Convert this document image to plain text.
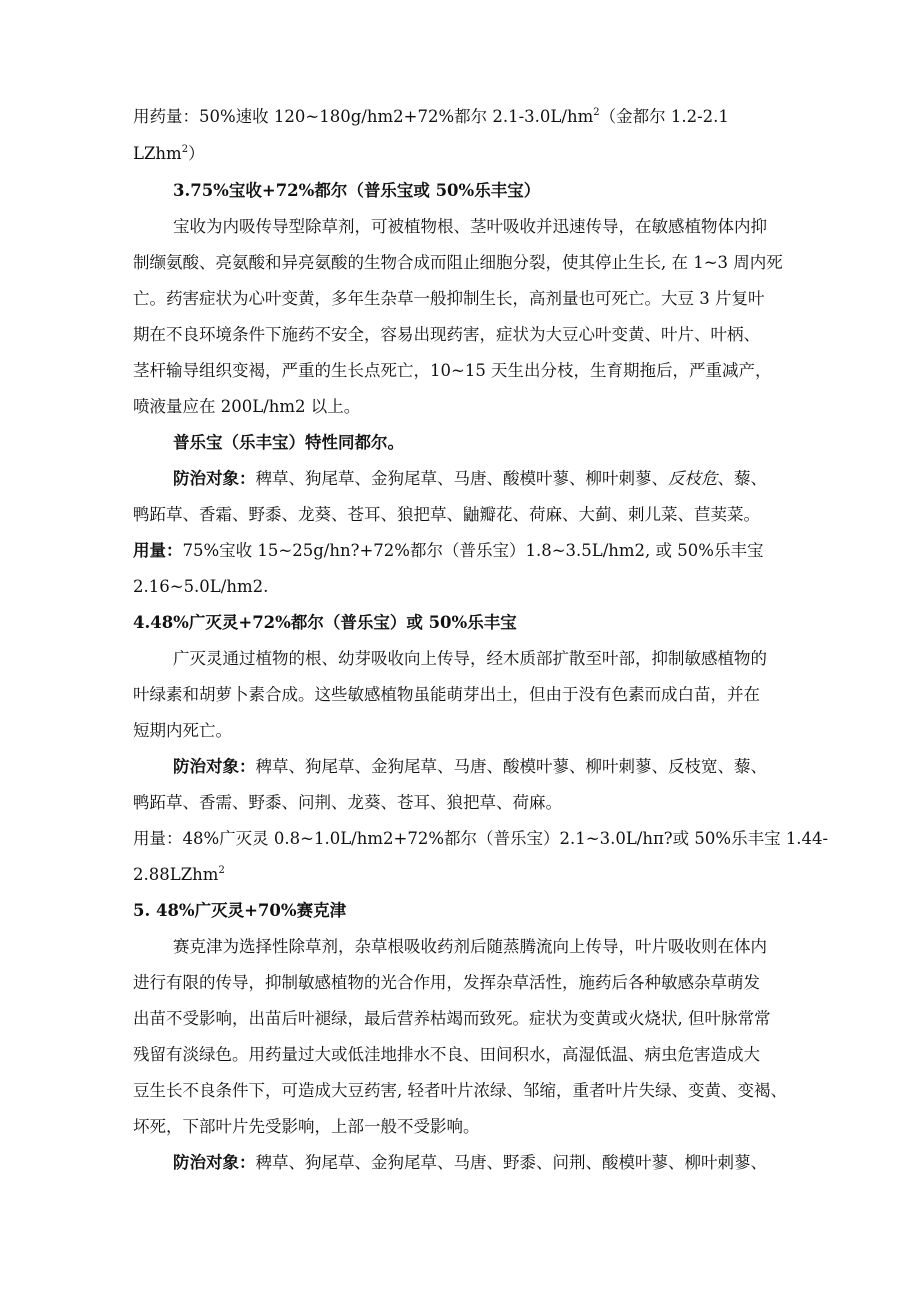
用药量：50%速收 120~180g/hm2+72%都尔 $2.1-3.0L/hm^2$（金都尔 1.2-2.1
LZhm$^2$）
3.75%宝收+72%都尔（普乐宝或 50%乐丰宝）
宝收为内吸传导型除草剂，可被植物根、茎叶吸收并迅速传导，在敏感植物体内抑
制缬氨酸、亮氨酸和异亮氨酸的生物合成而阻止细胞分裂，使其停止生长, 在 1~3 周内死
亡。药害症状为心叶变黄，多年生杂草一般抑制生长，高剂量也可死亡。大豆 3 片复叶
期在不良环境条件下施药不安全，容易出现药害，症状为大豆心叶变黄、叶片、叶柄、
茎杆输导组织变褐，严重的生长点死亡，10~15 天生出分枝，生育期拖后，严重减产，
喷液量应在 200L/hm2 以上。
普乐宝（乐丰宝）特性同都尔。
防治对象：稗草、狗尾草、金狗尾草、马唐、酸模叶蓼、柳叶刺蓼、反枝危、藜、
鸭跖草、香霜、野黍、龙葵、苍耳、狼把草、鼬瓣花、荷麻、大蓟、刺儿菜、苣荬菜。
用量：75%宝收 15~25g/hn?+72%都尔（普乐宝）1.8~3.5L/hm2, 或 50%乐丰宝
2.16~5.0L/hm2.
4.48%广灭灵+72%都尔（普乐宝）或 50%乐丰宝
广灭灵通过植物的根、幼芽吸收向上传导，经木质部扩散至叶部，抑制敏感植物的
叶绿素和胡萝卜素合成。这些敏感植物虽能萌芽出土，但由于没有色素而成白苗，并在
短期内死亡。
防治对象：稗草、狗尾草、金狗尾草、马唐、酸模叶蓼、柳叶刺蓼、反枝宽、藜、
鸭跖草、香需、野黍、问荆、龙葵、苍耳、狼把草、荷麻。
用量：48%广灭灵 0.8~1.0L/hm2+72%都尔（普乐宝）2.1~3.0L/hπ?或 50%乐丰宝 1.44-
2.88LZhm$^2$
5. 48%广灭灵+70%赛克津
赛克津为选择性除草剂，杂草根吸收药剂后随蒸腾流向上传导，叶片吸收则在体内
进行有限的传导，抑制敏感植物的光合作用，发挥杂草活性，施药后各种敏感杂草萌发
出苗不受影响，出苗后叶褪绿，最后营养枯竭而致死。症状为变黄或火烧状, 但叶脉常常
残留有淡绿色。用药量过大或低洼地排水不良、田间积水，高湿低温、病虫危害造成大
豆生长不良条件下，可造成大豆药害, 轻者叶片浓绿、邹缩，重者叶片失绿、变黄、变褐、
坏死，下部叶片先受影响，上部一般不受影响。
防治对象：稗草、狗尾草、金狗尾草、马唐、野黍、问荆、酸模叶蓼、柳叶刺蓼、
